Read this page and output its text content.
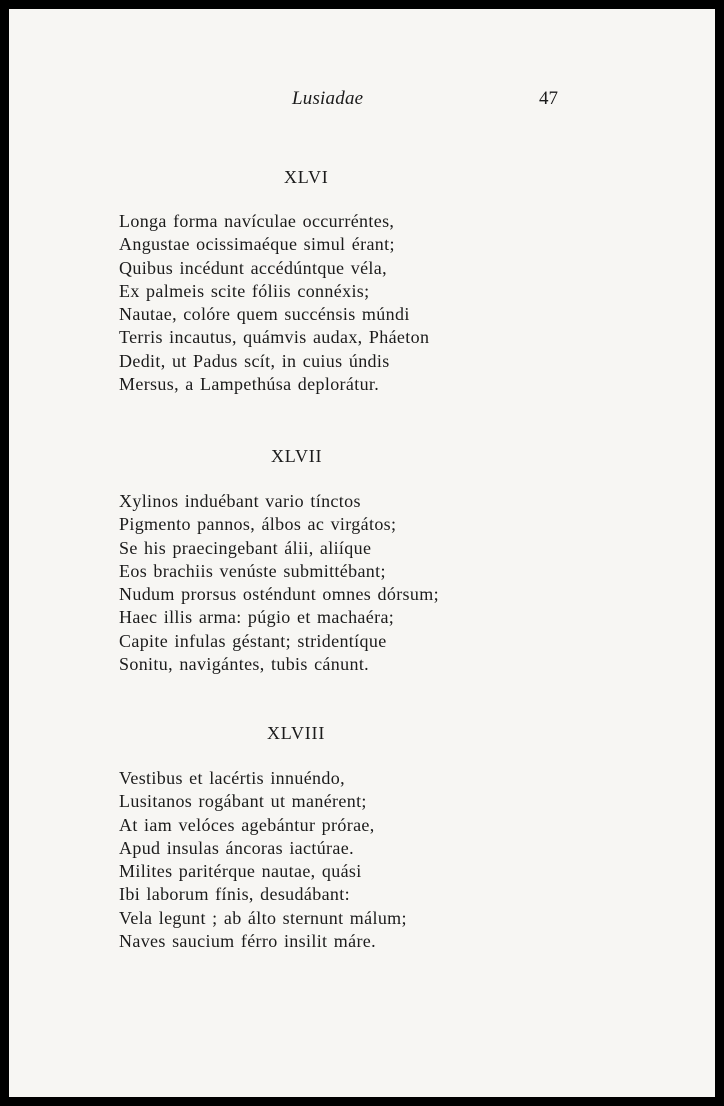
Lusiadae	47
XLVI
Longa forma navículae occurréntes,
Angustae ocissimaéque simul érant;
Quibus incédunt accédúntque véla,
Ex palmeis scite fóliis connéxis;
Nautae, colóre quem succénsis múndi
Terris incautus, quámvis audax, Pháeton
Dedit, ut Padus scít, in cuius úndis
Mersus, a Lampethúsa deplorátur.
XLVII
Xylinos induébant vario tínctos
Pigmento pannos, álbos ac virgátos;
Se his praecingebant álii, aliíque
Eos brachiis venúste submittébant;
Nudum prorsus osténdunt omnes dórsum;
Haec illis arma: púgio et machaéra;
Capite infulas géstant; stridentíque
Sonitu, navigántes, tubis cánunt.
XLVIII
Vestibus et lacértis innuéndo,
Lusitanos rogábant ut manérent;
At iam velóces agebántur prórae,
Apud insulas áncoras iactúrae.
Milites paritérque nautae, quási
Ibi laborum fínis, desudábant:
Vela legunt ; ab álto sternunt málum;
Naves saucium férro insilit máre.
